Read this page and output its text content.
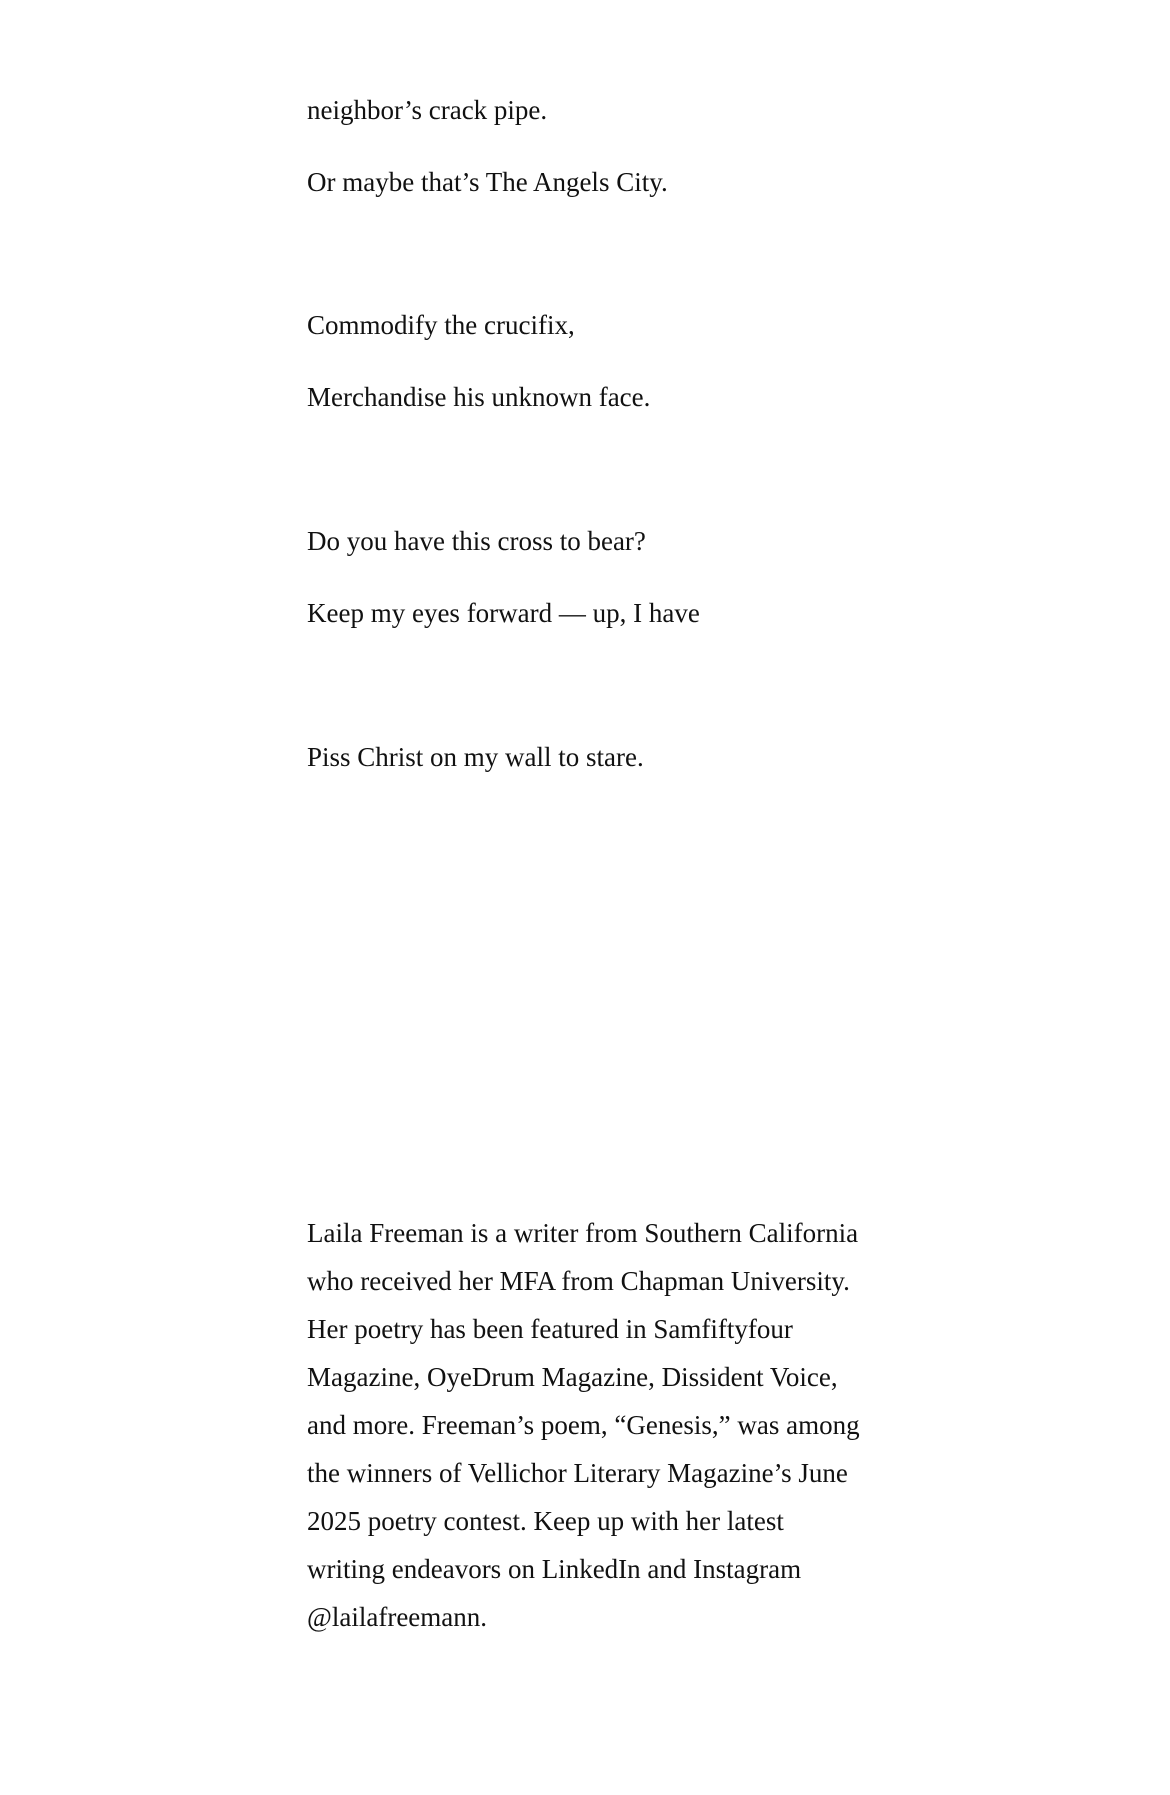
neighbor’s crack pipe.

Or maybe that’s The Angels City.

Commodify the crucifix,

Merchandise his unknown face.

Do you have this cross to bear?

Keep my eyes forward — up, I have

Piss Christ on my wall to stare.

Laila Freeman is a writer from Southern California
who received her MFA from Chapman University.
Her poetry has been featured in Samfiftyfour
Magazine, OyeDrum Magazine, Dissident Voice,
and more. Freeman’s poem, “Genesis,” was among
the winners of Vellichor Literary Magazine’s June
2025 poetry contest. Keep up with her latest
writing endeavors on LinkedIn and Instagram
@lailafreemann.
